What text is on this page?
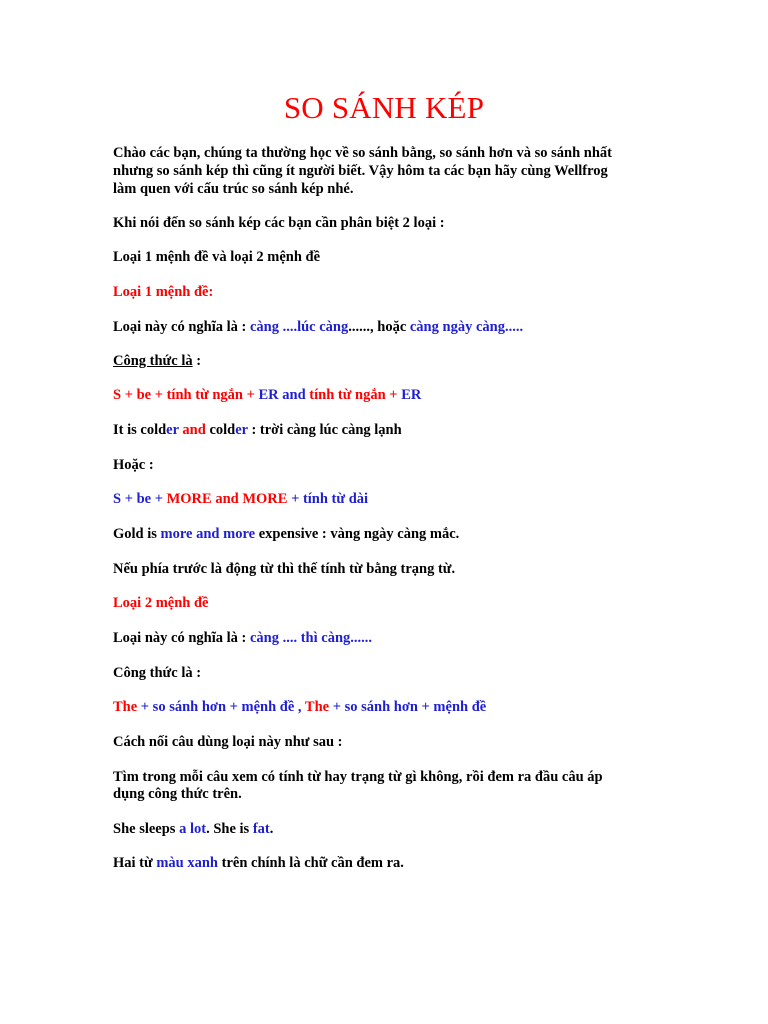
SO SÁNH KÉP

Chào các bạn, chúng ta thường học về so sánh bằng, so sánh hơn và so sánh nhất

nhưng so sánh kép thì cũng ít người biết. Vậy hôm ta các bạn hãy cùng Wellfrog

làm quen với cấu trúc so sánh kép nhé.

Khi nói đến so sánh kép các bạn cần phân biệt 2 loại :

Loại 1 mệnh đề và loại 2 mệnh đề

Loại 1 mệnh đề:

Loại này có nghĩa là : càng ....lúc càng......, hoặc càng ngày càng.....

Công thức là :

S + be + tính từ ngắn + ER and tính từ ngắn + ER

It is colder and colder : trời càng lúc càng lạnh

Hoặc :

S + be + MORE and MORE + tính từ dài

Gold is more and more expensive : vàng ngày càng mắc.

Nếu phía trước là động từ thì thế tính từ bằng trạng từ.

Loại 2 mệnh đề

Loại này có nghĩa là : càng .... thì càng......

Công thức là :

The + so sánh hơn + mệnh đề , The + so sánh hơn + mệnh đề

Cách nối câu dùng loại này như sau :

Tìm trong mỗi câu xem có tính từ hay trạng từ gì không, rồi đem ra đầu câu áp

dụng công thức trên.

She sleeps a lot. She is fat.

Hai từ màu xanh trên chính là chữ cần đem ra.
